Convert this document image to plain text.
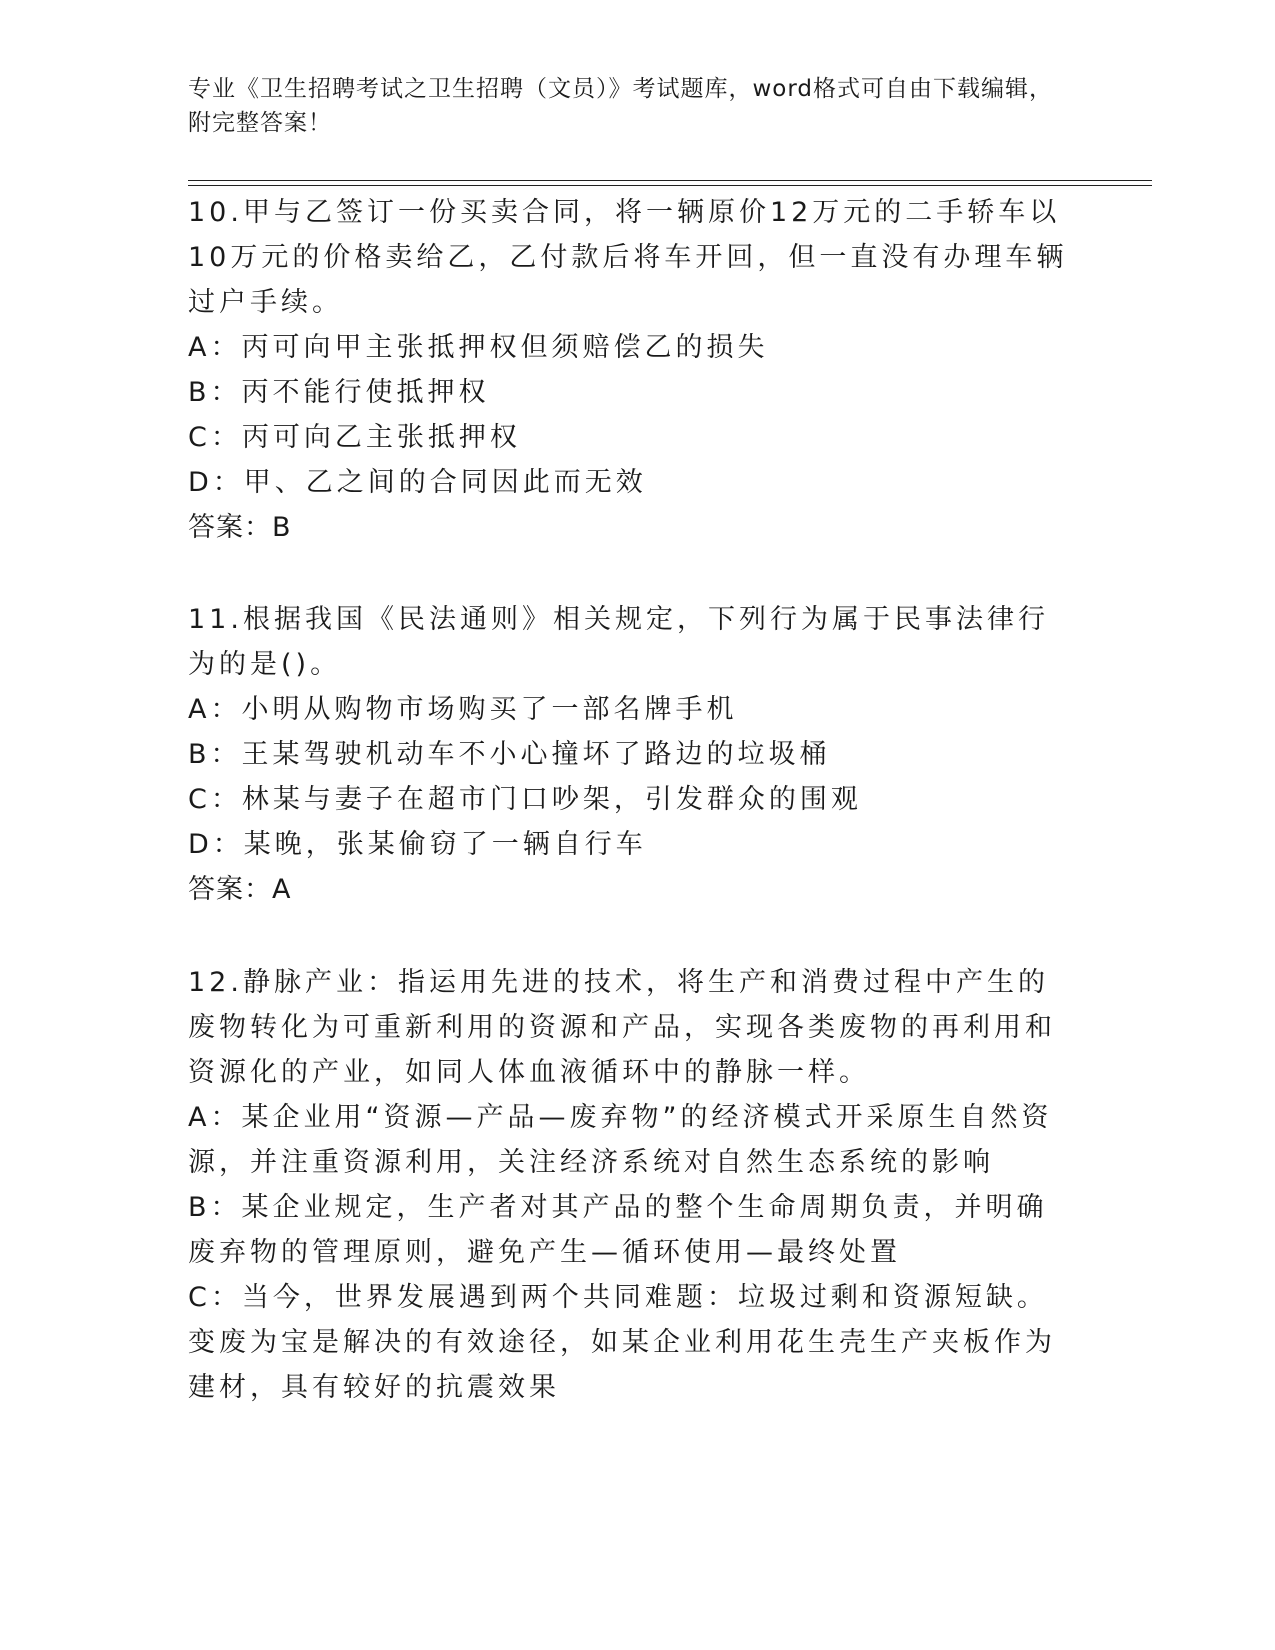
专业《卫生招聘考试之卫生招聘（文员）》考试题库，word格式可自由下载编辑，附完整答案！

10.甲与乙签订一份买卖合同，将一辆原价12万元的二手轿车以10万元的价格卖给乙，乙付款后将车开回，但一直没有办理车辆过户手续。

A：丙可向甲主张抵押权但须赔偿乙的损失

B：丙不能行使抵押权

C：丙可向乙主张抵押权

D：甲、乙之间的合同因此而无效

答案：B

11.根据我国《民法通则》相关规定，下列行为属于民事法律行为的是()。

A：小明从购物市场购买了一部名牌手机

B：王某驾驶机动车不小心撞坏了路边的垃圾桶

C：林某与妻子在超市门口吵架，引发群众的围观

D：某晚，张某偷窃了一辆自行车

答案：A

12.静脉产业：指运用先进的技术，将生产和消费过程中产生的废物转化为可重新利用的资源和产品，实现各类废物的再利用和资源化的产业，如同人体血液循环中的静脉一样。

A：某企业用“资源—产品—废弃物”的经济模式开采原生自然资源，并注重资源利用，关注经济系统对自然生态系统的影响

B：某企业规定，生产者对其产品的整个生命周期负责，并明确废弃物的管理原则，避免产生—循环使用—最终处置

C：当今，世界发展遇到两个共同难题：垃圾过剩和资源短缺。变废为宝是解决的有效途径，如某企业利用花生壳生产夹板作为建材，具有较好的抗震效果
